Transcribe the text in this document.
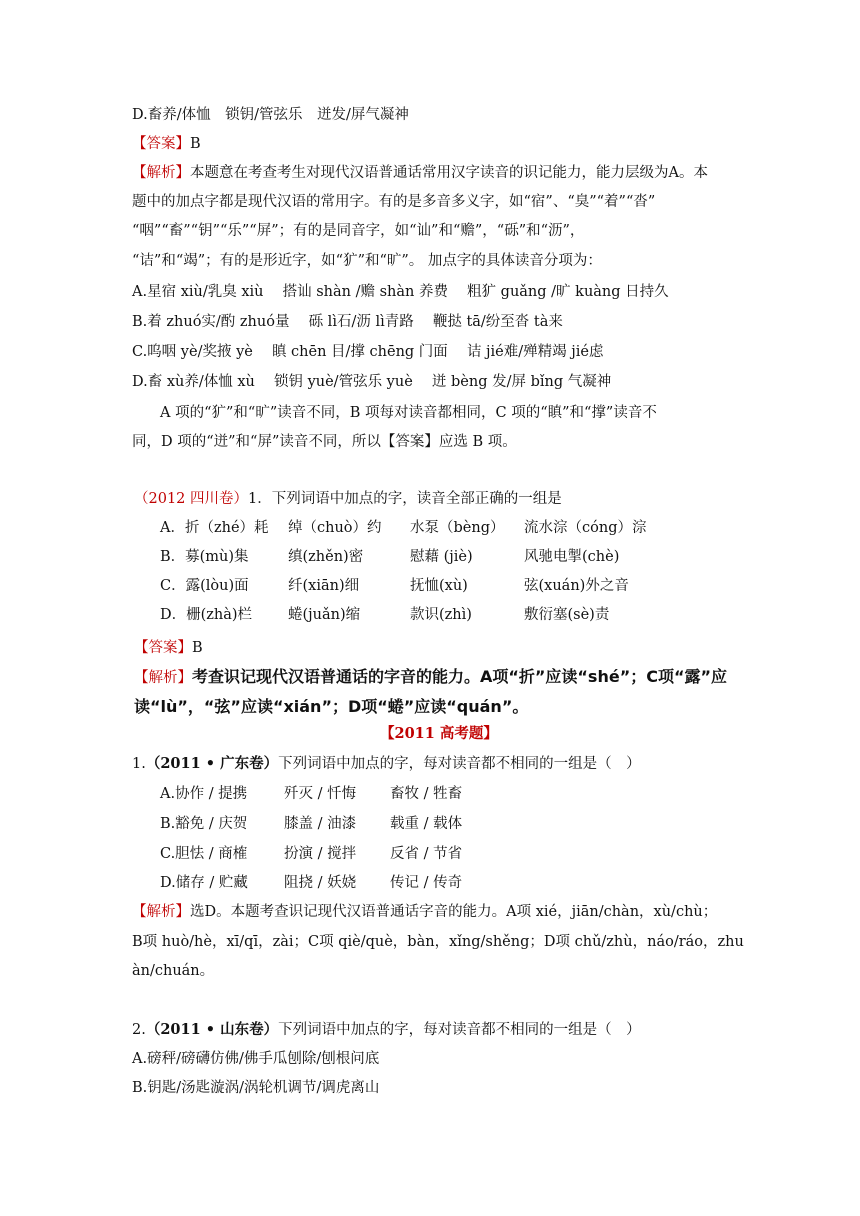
D.畜养/体恤　锁钥/管弦乐　迸发/屏气凝神
【答案】B
【解析】本题意在考查考生对现代汉语普通话常用汉字读音的识记能力，能力层级为A。本
题中的加点字都是现代汉语的常用字。有的是多音多义字，如“宿”、“臭”“着”“沓”
“咽”“畜”“钥”“乐”“屏”；有的是同音字，如“讪”和“赡”，“砾”和“沥”，
“诘”和“竭”；有的是形近字，如“犷”和“旷”。 加点字的具体读音分项为：
A.星宿 xiù/乳臭 xiù　 搭讪 shàn /赡 shàn 养费　 粗犷 guǎng /旷 kuàng 日持久
B.着 zhuó实/酌 zhuó量　 砾 lì石/沥 lì青路　 鞭挞 tā/纷至沓 tà来
C.呜咽 yè/奖掖 yè　 瞋 chēn 目/撑 chēng 门面　 诘 jié难/殚精竭 jié虑
D.畜 xù养/体恤 xù　 锁钥 yuè/管弦乐 yuè　 迸 bèng 发/屏 bǐng 气凝神
A 项的“犷”和“旷”读音不同，B 项每对读音都相同，C 项的“瞋”和“撑”读音不
同，D 项的“迸”和“屏”读音不同，所以【答案】应选 B 项。
（2012 四川卷）1．下列词语中加点的字，读音全部正确的一组是
A．折（zhé）耗 绰（chuò）约 水泵（bèng） 流水淙（cóng）淙
B．募(mù)集	缜(zhěn)密	慰藉 (jiè)	风驰电掣(chè)
C．露(lòu)面	纤(xiān)细	抚恤(xù)	弦(xuán)外之音
D．栅(zhà)栏 蜷(juǎn)缩	款识(zhì)	敷衍塞(sè)责
【答案】B
【解析】考查识记现代汉语普通话的字音的能力。A项“折”应读“shé”；C项“露”应
读“lù”，“弦”应读“xián”；D项“蜷”应读“quán”。
【2011 高考题】
1.（2011 • 广东卷）下列词语中加点的字，每对读音都不相同的一组是（　）
A.协作 / 提携	歼灭 / 忏悔 畜牧 / 牲畜
B.豁免 / 庆贺	膝盖 / 油漆 载重 / 载体
C.胆怯 / 商榷	扮演 / 搅拌 反省 / 节省
D.储存 / 贮藏 阻挠 / 妖娆 传记 / 传奇
【解析】选D。本题考查识记现代汉语普通话字音的能力。A项 xié，jiān/chàn，xù/chù；
B项 huò/hè，xī/qī，zài；C项 qiè/què，bàn，xǐng/shěng；D项 chǔ/zhù，náo/ráo，zhu
àn/chuán。
2.（2011 • 山东卷）下列词语中加点的字，每对读音都不相同的一组是（　）
A.磅秤/磅礴仿佛/佛手瓜刨除/刨根问底
B.钥匙/汤匙漩涡/涡轮机调节/调虎离山
